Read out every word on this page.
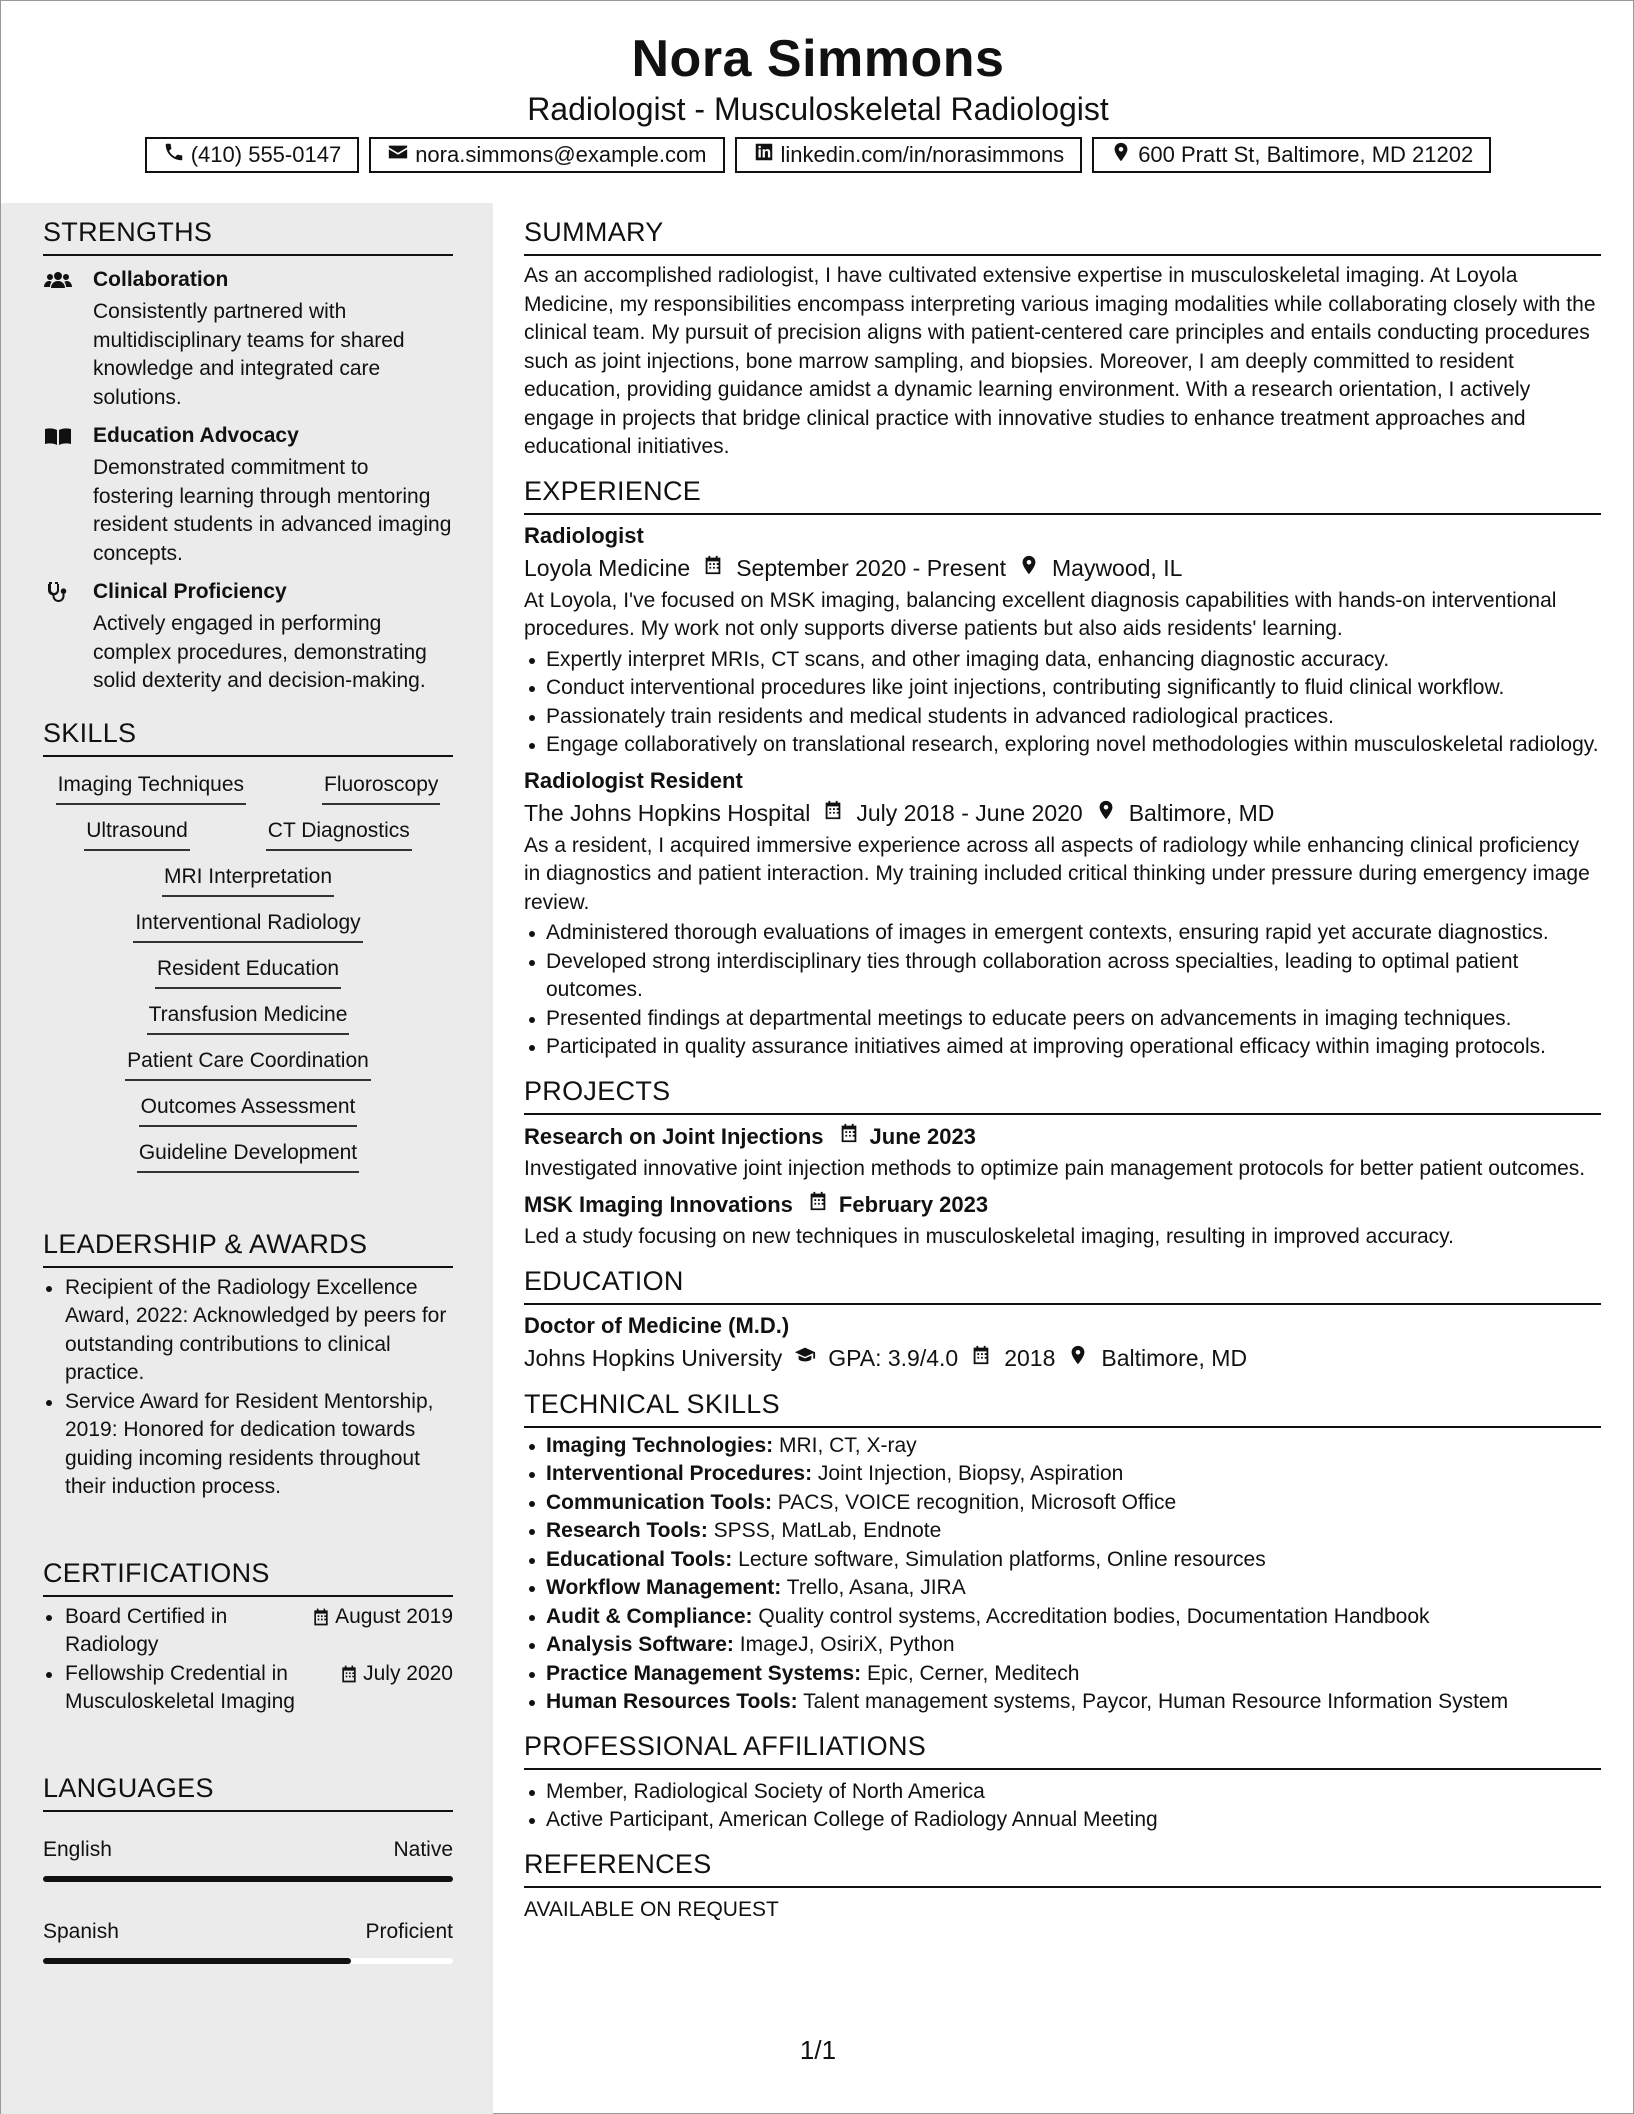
Nora Simmons
Radiologist - Musculoskeletal Radiologist
(410) 555-0147	nora.simmons@example.com	linkedin.com/in/norasimmons	600 Pratt St, Baltimore, MD 21202
STRENGTHS
Collaboration
Consistently partnered with multidisciplinary teams for shared knowledge and integrated care solutions.
Education Advocacy
Demonstrated commitment to fostering learning through mentoring resident students in advanced imaging concepts.
Clinical Proficiency
Actively engaged in performing complex procedures, demonstrating solid dexterity and decision-making.
SKILLS
Imaging Techniques	Fluoroscopy
Ultrasound	CT Diagnostics
MRI Interpretation
Interventional Radiology
Resident Education
Transfusion Medicine
Patient Care Coordination
Outcomes Assessment
Guideline Development
LEADERSHIP & AWARDS
Recipient of the Radiology Excellence Award, 2022: Acknowledged by peers for outstanding contributions to clinical practice.
Service Award for Resident Mentorship, 2019: Honored for dedication towards guiding incoming residents throughout their induction process.
CERTIFICATIONS
Board Certified in Radiology
August 2019
Fellowship Credential in Musculoskeletal Imaging
July 2020
LANGUAGES
English	Native
Spanish	Proficient
SUMMARY
As an accomplished radiologist, I have cultivated extensive expertise in musculoskeletal imaging. At Loyola Medicine, my responsibilities encompass interpreting various imaging modalities while collaborating closely with the clinical team. My pursuit of precision aligns with patient-centered care principles and entails conducting procedures such as joint injections, bone marrow sampling, and biopsies. Moreover, I am deeply committed to resident education, providing guidance amidst a dynamic learning environment. With a research orientation, I actively engage in projects that bridge clinical practice with innovative studies to enhance treatment approaches and educational initiatives.
EXPERIENCE
Radiologist
Loyola Medicine September 2020 - Present Maywood, IL
At Loyola, I've focused on MSK imaging, balancing excellent diagnosis capabilities with hands-on interventional procedures. My work not only supports diverse patients but also aids residents' learning.
Expertly interpret MRIs, CT scans, and other imaging data, enhancing diagnostic accuracy.
Conduct interventional procedures like joint injections, contributing significantly to fluid clinical workflow.
Passionately train residents and medical students in advanced radiological practices.
Engage collaboratively on translational research, exploring novel methodologies within musculoskeletal radiology.
Radiologist Resident
The Johns Hopkins Hospital July 2018 - June 2020 Baltimore, MD
As a resident, I acquired immersive experience across all aspects of radiology while enhancing clinical proficiency in diagnostics and patient interaction. My training included critical thinking under pressure during emergency image review.
Administered thorough evaluations of images in emergent contexts, ensuring rapid yet accurate diagnostics.
Developed strong interdisciplinary ties through collaboration across specialties, leading to optimal patient outcomes.
Presented findings at departmental meetings to educate peers on advancements in imaging techniques.
Participated in quality assurance initiatives aimed at improving operational efficacy within imaging protocols.
PROJECTS
Research on Joint Injections June 2023
Investigated innovative joint injection methods to optimize pain management protocols for better patient outcomes.
MSK Imaging Innovations February 2023
Led a study focusing on new techniques in musculoskeletal imaging, resulting in improved accuracy.
EDUCATION
Doctor of Medicine (M.D.)
Johns Hopkins University GPA: 3.9/4.0 2018 Baltimore, MD
TECHNICAL SKILLS
Imaging Technologies: MRI, CT, X-ray
Interventional Procedures: Joint Injection, Biopsy, Aspiration
Communication Tools: PACS, VOICE recognition, Microsoft Office
Research Tools: SPSS, MatLab, Endnote
Educational Tools: Lecture software, Simulation platforms, Online resources
Workflow Management: Trello, Asana, JIRA
Audit & Compliance: Quality control systems, Accreditation bodies, Documentation Handbook
Analysis Software: ImageJ, OsiriX, Python
Practice Management Systems: Epic, Cerner, Meditech
Human Resources Tools: Talent management systems, Paycor, Human Resource Information System
PROFESSIONAL AFFILIATIONS
Member, Radiological Society of North America
Active Participant, American College of Radiology Annual Meeting
REFERENCES
AVAILABLE ON REQUEST
1/1
